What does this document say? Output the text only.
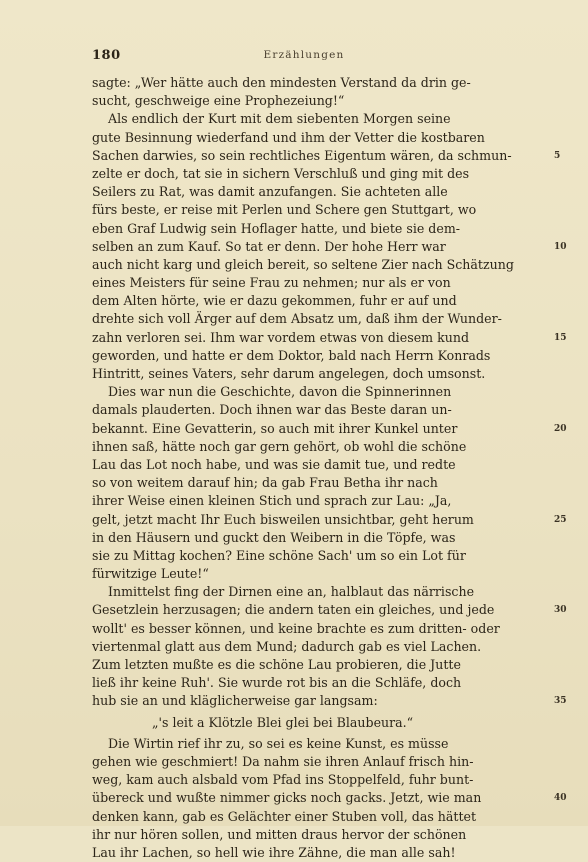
180	Erzählungen
sagte: „Wer hätte auch den mindesten Verstand da drin ge-
sucht, geschweige eine Prophezeiung!“
Als endlich der Kurt mit dem siebenten Morgen seine
gute Besinnung wiederfand und ihm der Vetter die kostbaren
Sachen darwies, so sein rechtliches Eigentum wären, da schmun-	5
zelte er doch, tat sie in sichern Verschluß und ging mit des
Seilers zu Rat, was damit anzufangen. Sie achteten alle
fürs beste, er reise mit Perlen und Schere gen Stuttgart, wo
eben Graf Ludwig sein Hoflager hatte, und biete sie dem-
selben an zum Kauf. So tat er denn. Der hohe Herr war	10
auch nicht karg und gleich bereit, so seltene Zier nach Schätzung
eines Meisters für seine Frau zu nehmen; nur als er von
dem Alten hörte, wie er dazu gekommen, fuhr er auf und
drehte sich voll Ärger auf dem Absatz um, daß ihm der Wunder-
zahn verloren sei. Ihm war vordem etwas von diesem kund	15
geworden, und hatte er dem Doktor, bald nach Herrn Konrads
Hintritt, seines Vaters, sehr darum angelegen, doch umsonst.
Dies war nun die Geschichte, davon die Spinnerinnen
damals plauderten. Doch ihnen war das Beste daran un-
bekannt. Eine Gevatterin, so auch mit ihrer Kunkel unter	20
ihnen saß, hätte noch gar gern gehört, ob wohl die schöne
Lau das Lot noch habe, und was sie damit tue, und redte
so von weitem darauf hin; da gab Frau Betha ihr nach
ihrer Weise einen kleinen Stich und sprach zur Lau: „Ja,
gelt, jetzt macht Ihr Euch bisweilen unsichtbar, geht herum	25
in den Häusern und guckt den Weibern in die Töpfe, was
sie zu Mittag kochen? Eine schöne Sach' um so ein Lot für
fürwitzige Leute!“
Inmittelst fing der Dirnen eine an, halblaut das närrische
Gesetzlein herzusagen; die andern taten ein gleiches, und jede	30
wollt' es besser können, und keine brachte es zum dritten- oder
viertenmal glatt aus dem Mund; dadurch gab es viel Lachen.
Zum letzten mußte es die schöne Lau probieren, die Jutte
ließ ihr keine Ruh'. Sie wurde rot bis an die Schläfe, doch
hub sie an und kläglicherweise gar langsam:	35
„'s leit a Klötzle Blei glei bei Blaubeura.“
Die Wirtin rief ihr zu, so sei es keine Kunst, es müsse
gehen wie geschmiert! Da nahm sie ihren Anlauf frisch hin-
weg, kam auch alsbald vom Pfad ins Stoppelfeld, fuhr bunt-
übereck und wußte nimmer gicks noch gacks. Jetzt, wie man	40
denken kann, gab es Gelächter einer Stuben voll, das hättet
ihr nur hören sollen, und mitten draus hervor der schönen
Lau ihr Lachen, so hell wie ihre Zähne, die man alle sah!
